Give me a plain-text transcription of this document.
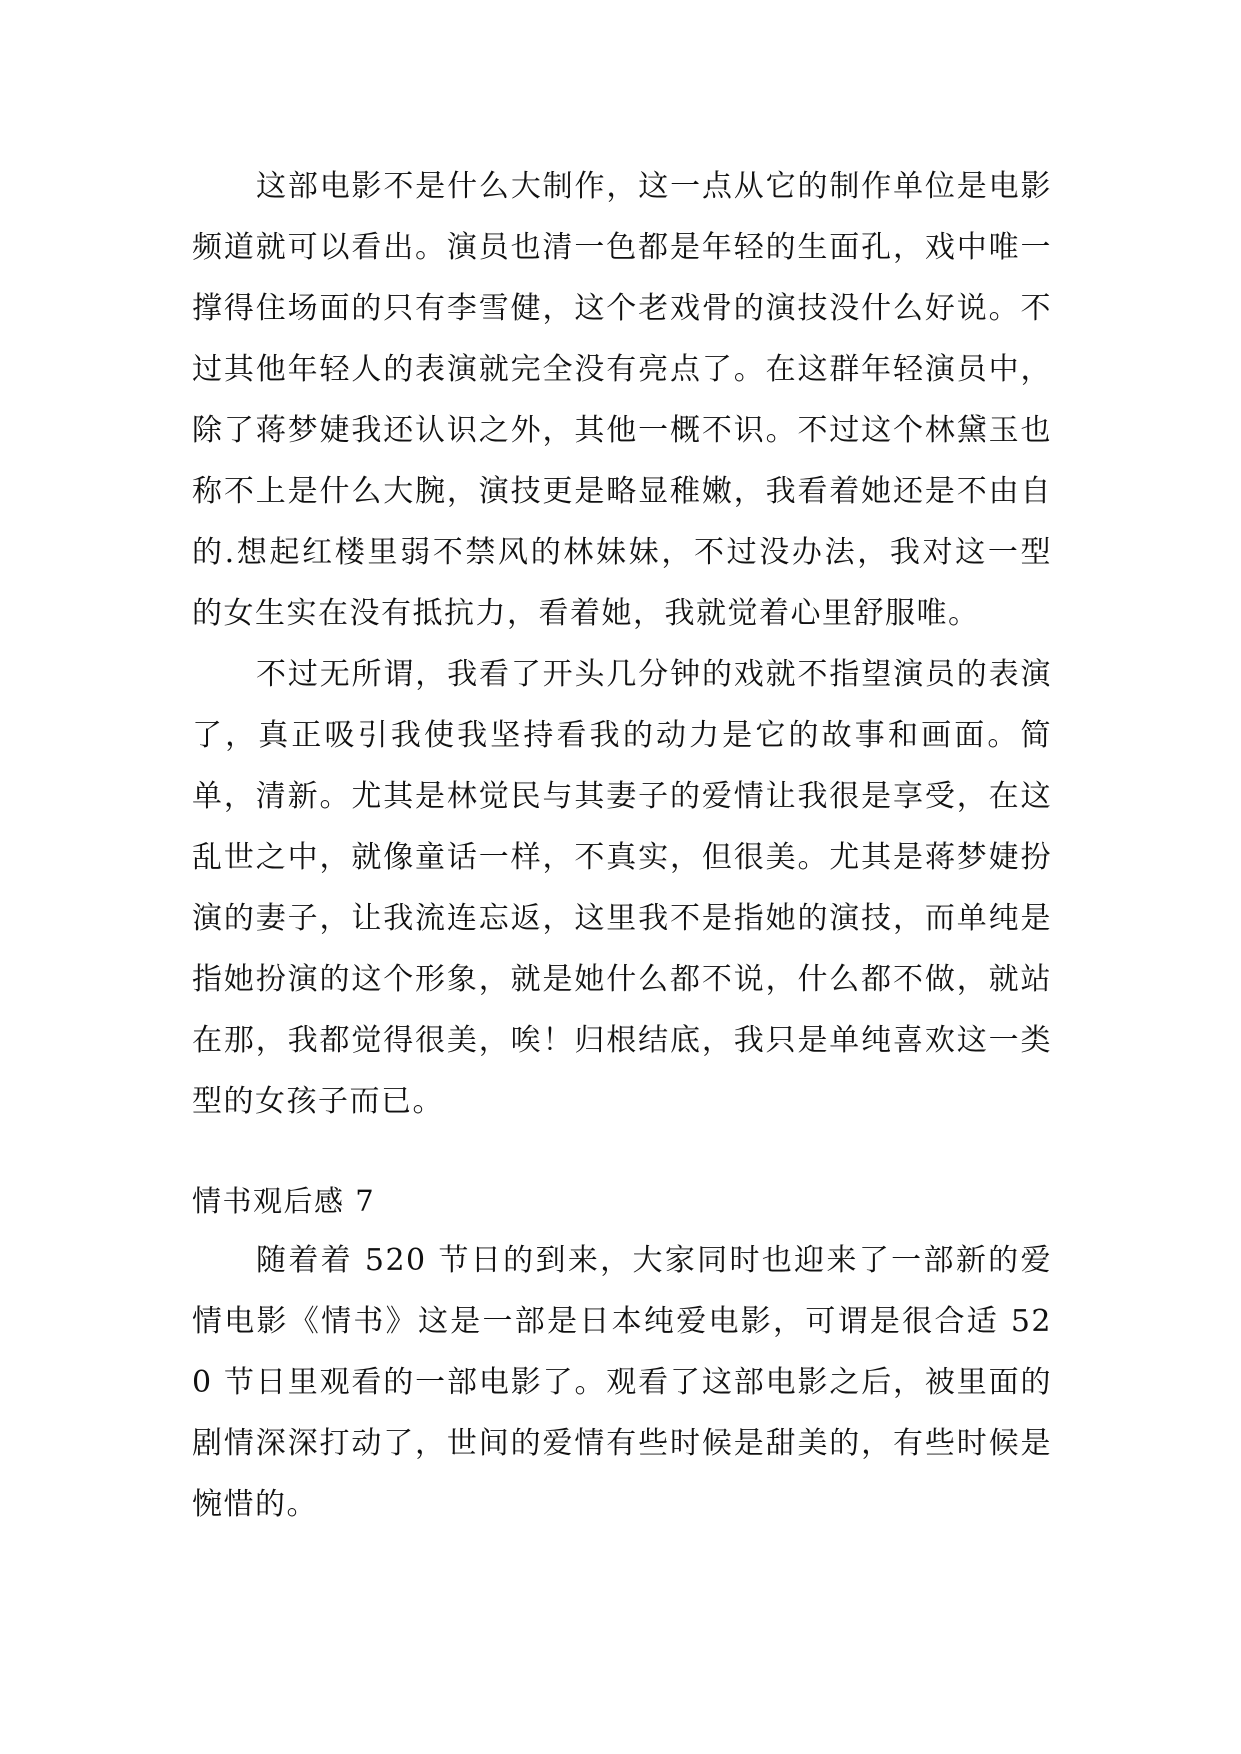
这部电影不是什么大制作，这一点从它的制作单位是电影频道就可以看出。演员也清一色都是年轻的生面孔，戏中唯一撑得住场面的只有李雪健，这个老戏骨的演技没什么好说。不过其他年轻人的表演就完全没有亮点了。在这群年轻演员中，除了蒋梦婕我还认识之外，其他一概不识。不过这个林黛玉也称不上是什么大腕，演技更是略显稚嫩，我看着她还是不由自的.想起红楼里弱不禁风的林妹妹，不过没办法，我对这一型的女生实在没有抵抗力，看着她，我就觉着心里舒服唯。

不过无所谓，我看了开头几分钟的戏就不指望演员的表演了，真正吸引我使我坚持看我的动力是它的故事和画面。简单，清新。尤其是林觉民与其妻子的爱情让我很是享受，在这乱世之中，就像童话一样，不真实，但很美。尤其是蒋梦婕扮演的妻子，让我流连忘返，这里我不是指她的演技，而单纯是指她扮演的这个形象，就是她什么都不说，什么都不做，就站在那，我都觉得很美，唉！归根结底，我只是单纯喜欢这一类型的女孩子而已。

情书观后感 7

随着着 520 节日的到来，大家同时也迎来了一部新的爱情电影《情书》这是一部是日本纯爱电影，可谓是很合适 520 节日里观看的一部电影了。观看了这部电影之后，被里面的剧情深深打动了，世间的爱情有些时候是甜美的，有些时候是惋惜的。
